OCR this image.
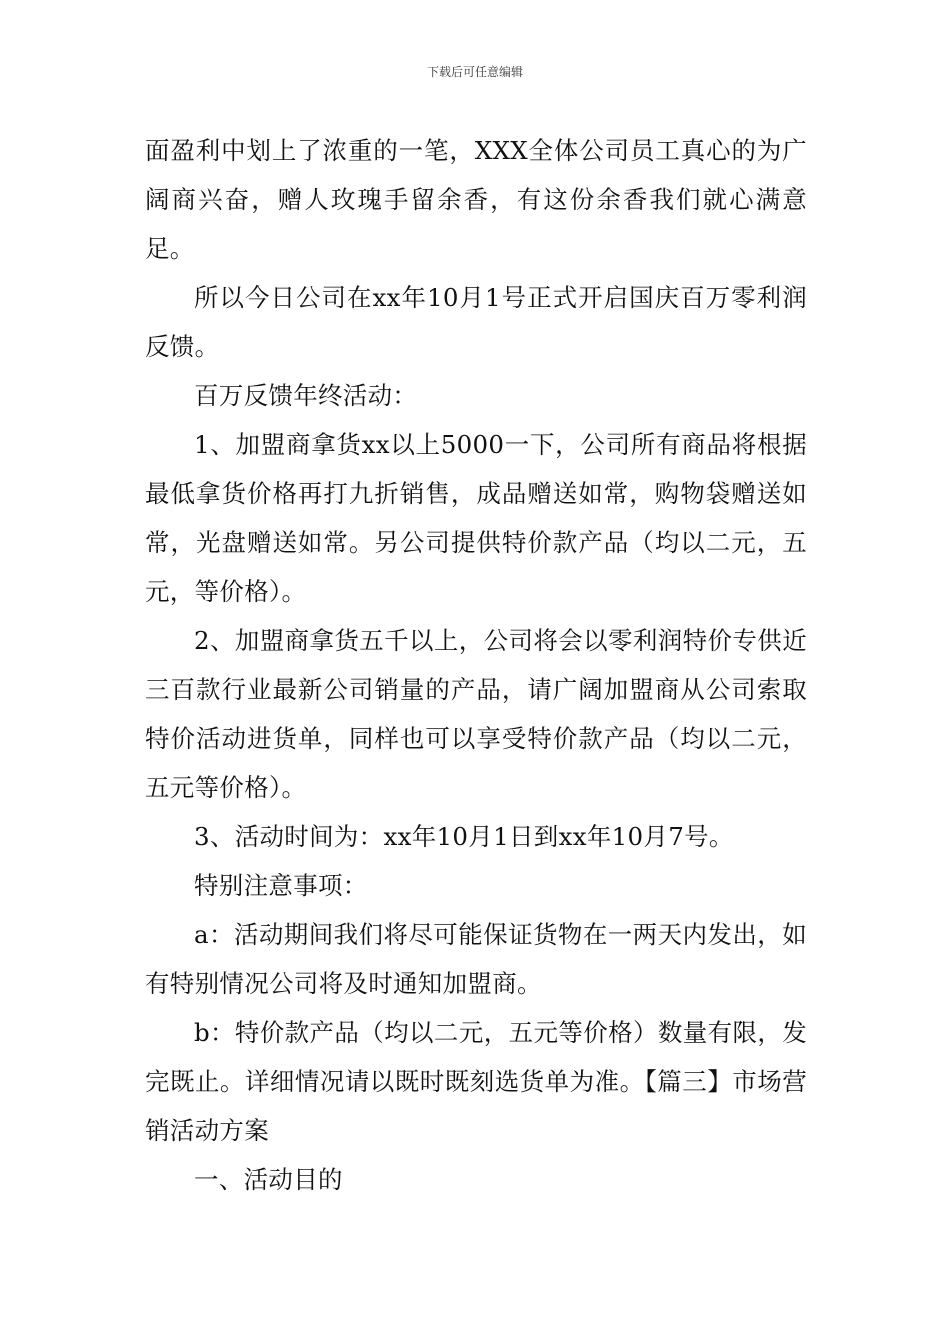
下载后可任意编辑

面盈利中划上了浓重的一笔，XXX全体公司员工真心的为广阔商兴奋，赠人玫瑰手留余香，有这份余香我们就心满意足。

所以今日公司在xx年10月1号正式开启国庆百万零利润反馈。

百万反馈年终活动：

1、加盟商拿货xx以上5000一下，公司所有商品将根据最低拿货价格再打九折销售，成品赠送如常，购物袋赠送如常，光盘赠送如常。另公司提供特价款产品（均以二元，五元，等价格）。

2、加盟商拿货五千以上，公司将会以零利润特价专供近三百款行业最新公司销量的产品，请广阔加盟商从公司索取特价活动进货单，同样也可以享受特价款产品（均以二元，五元等价格）。

3、活动时间为：xx年10月1日到xx年10月7号。

特别注意事项：

a：活动期间我们将尽可能保证货物在一两天内发出，如有特别情况公司将及时通知加盟商。

b：特价款产品（均以二元，五元等价格）数量有限，发完既止。详细情况请以既时既刻选货单为准。【篇三】市场营销活动方案

一、活动目的
